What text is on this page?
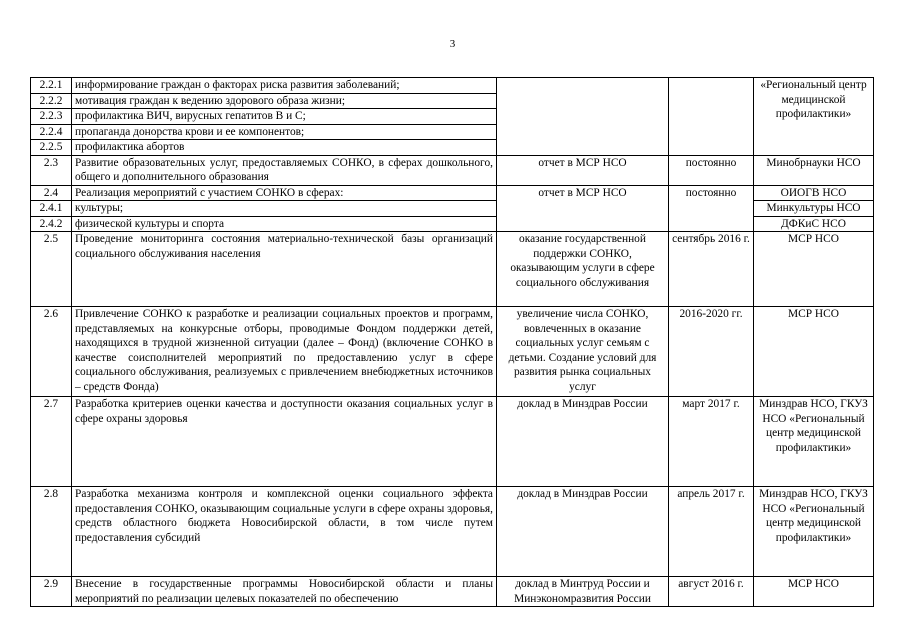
3
2.2.1	информирование граждан о факторах риска развития заболеваний;			«Региональный центр медицинской профилактики»
2.2.2	мотивация граждан к ведению здорового образа жизни;			
2.2.3	профилактика ВИЧ, вирусных гепатитов В и С;			
2.2.4	пропаганда донорства крови и ее компонентов;			
2.2.5	профилактика абортов			
2.3	Развитие образовательных услуг, предоставляемых СОНКО, в сферах дошкольного, общего и дополнительного образования	отчет в МСР НСО	постоянно	Минобрнауки НСО
2.4	Реализация мероприятий с участием СОНКО в сферах:	отчет в МСР НСО	постоянно	ОИОГВ НСО
2.4.1	культуры;			Минкультуры НСО
2.4.2	физической культуры и спорта			ДФКиС НСО
2.5	Проведение мониторинга состояния материально-технической базы организаций социального обслуживания населения	оказание государственной поддержки СОНКО, оказывающим услуги в сфере социального обслуживания	сентябрь 2016 г.	МСР НСО
2.6	Привлечение СОНКО к разработке и реализации социальных проектов и программ, представляемых на конкурсные отборы, проводимые Фондом поддержки детей, находящихся в трудной жизненной ситуации (далее – Фонд) (включение СОНКО в качестве соисполнителей мероприятий по предоставлению услуг в сфере социального обслуживания, реализуемых с привлечением внебюджетных источников – средств Фонда)	увеличение числа СОНКО, вовлеченных в оказание социальных услуг семьям с детьми. Создание условий для развития рынка социальных услуг	2016-2020 гг.	МСР НСО
2.7	Разработка критериев оценки качества и доступности оказания социальных услуг в сфере охраны здоровья	доклад в Минздрав России	март 2017 г.	Минздрав НСО, ГКУЗ НСО «Региональный центр медицинской профилактики»
2.8	Разработка механизма контроля и комплексной оценки социального эффекта предоставления СОНКО, оказывающим социальные услуги в сфере охраны здоровья, средств областного бюджета Новосибирской области, в том числе путем предоставления субсидий	доклад в Минздрав России	апрель 2017 г.	Минздрав НСО, ГКУЗ НСО «Региональный центр медицинской профилактики»
2.9	Внесение в государственные программы Новосибирской области и планы мероприятий по реализации целевых показателей по обеспечению	доклад в Минтруд России и Минэкономразвития России	август 2016 г.	МСР НСО
